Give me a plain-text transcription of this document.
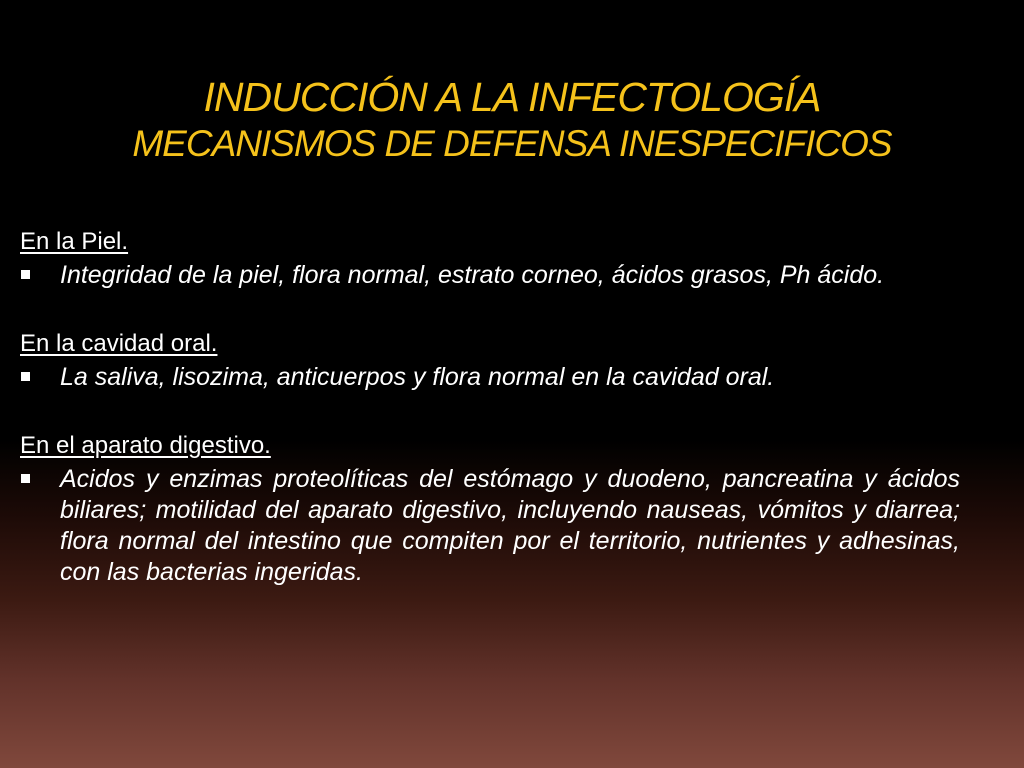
INDUCCIÓN A LA INFECTOLOGÍA
MECANISMOS DE DEFENSA INESPECIFICOS
En la Piel.
Integridad de la piel, flora normal, estrato corneo, ácidos grasos, Ph ácido.
En la cavidad oral.
La saliva, lisozima, anticuerpos y flora normal en la cavidad oral.
En el aparato digestivo.
Acidos y enzimas proteolíticas del estómago y duodeno, pancreatina y ácidos biliares; motilidad del aparato digestivo, incluyendo nauseas, vómitos y diarrea; flora normal del intestino que compiten por el territorio, nutrientes y adhesinas, con las bacterias ingeridas.
